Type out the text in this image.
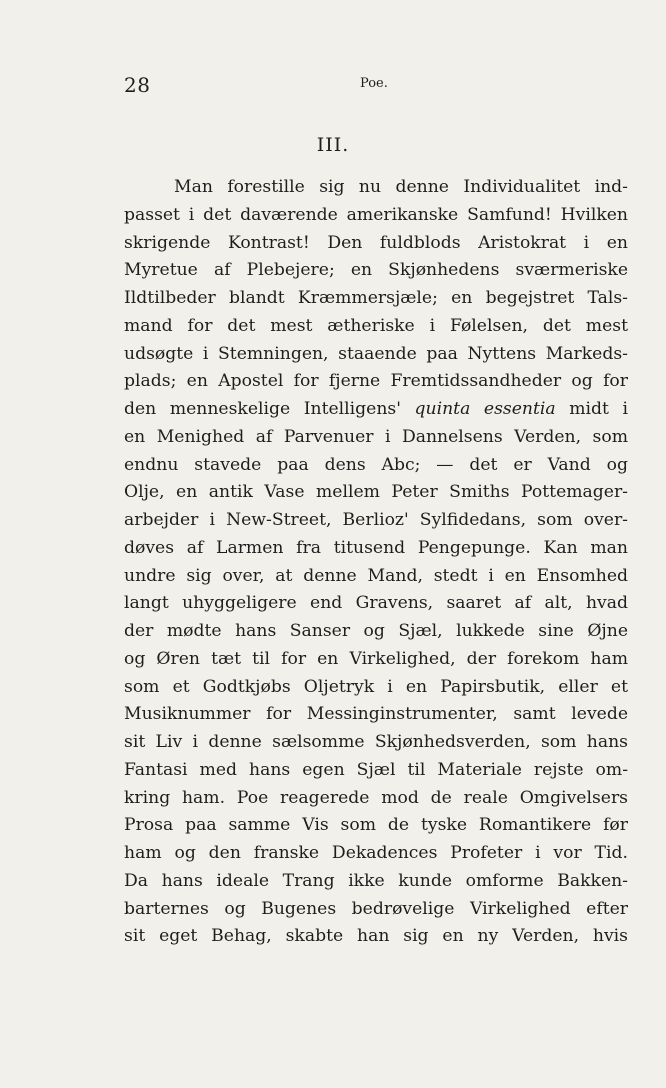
28	Poe.
III.

Man forestille sig nu denne Individualitet ind-
passet i det daværende amerikanske Samfund! Hvilken
skrigende Kontrast! Den fuldblods Aristokrat i en
Myretue af Plebejere; en Skjønhedens sværmeriske
Ildtilbeder blandt Kræmmersjæle; en begejstret Tals-
mand for det mest ætheriske i Følelsen, det mest
udsøgte i Stemningen, staaende paa Nyttens Markeds-
plads; en Apostel for fjerne Fremtidssandheder og for
den menneskelige Intelligens' quinta essentia midt i
en Menighed af Parvenuer i Dannelsens Verden, som
endnu stavede paa dens Abc; — det er Vand og
Olje, en antik Vase mellem Peter Smiths Pottemager-
arbejder i New-Street, Berlioz' Sylfidedans, som over-
døves af Larmen fra titusend Pengepunge. Kan man
undre sig over, at denne Mand, stedt i en Ensomhed
langt uhyggeligere end Gravens, saaret af alt, hvad
der mødte hans Sanser og Sjæl, lukkede sine Øjne
og Øren tæt til for en Virkelighed, der forekom ham
som et Godtkjøbs Oljetryk i en Papirsbutik, eller et
Musiknummer for Messinginstrumenter, samt levede
sit Liv i denne sælsomme Skjønhedsverden, som hans
Fantasi med hans egen Sjæl til Materiale rejste om-
kring ham. Poe reagerede mod de reale Omgivelsers
Prosa paa samme Vis som de tyske Romantikere før
ham og den franske Dekadences Profeter i vor Tid.
Da hans ideale Trang ikke kunde omforme Bakken-
barternes og Bugenes bedrøvelige Virkelighed efter
sit eget Behag, skabte han sig en ny Verden, hvis
